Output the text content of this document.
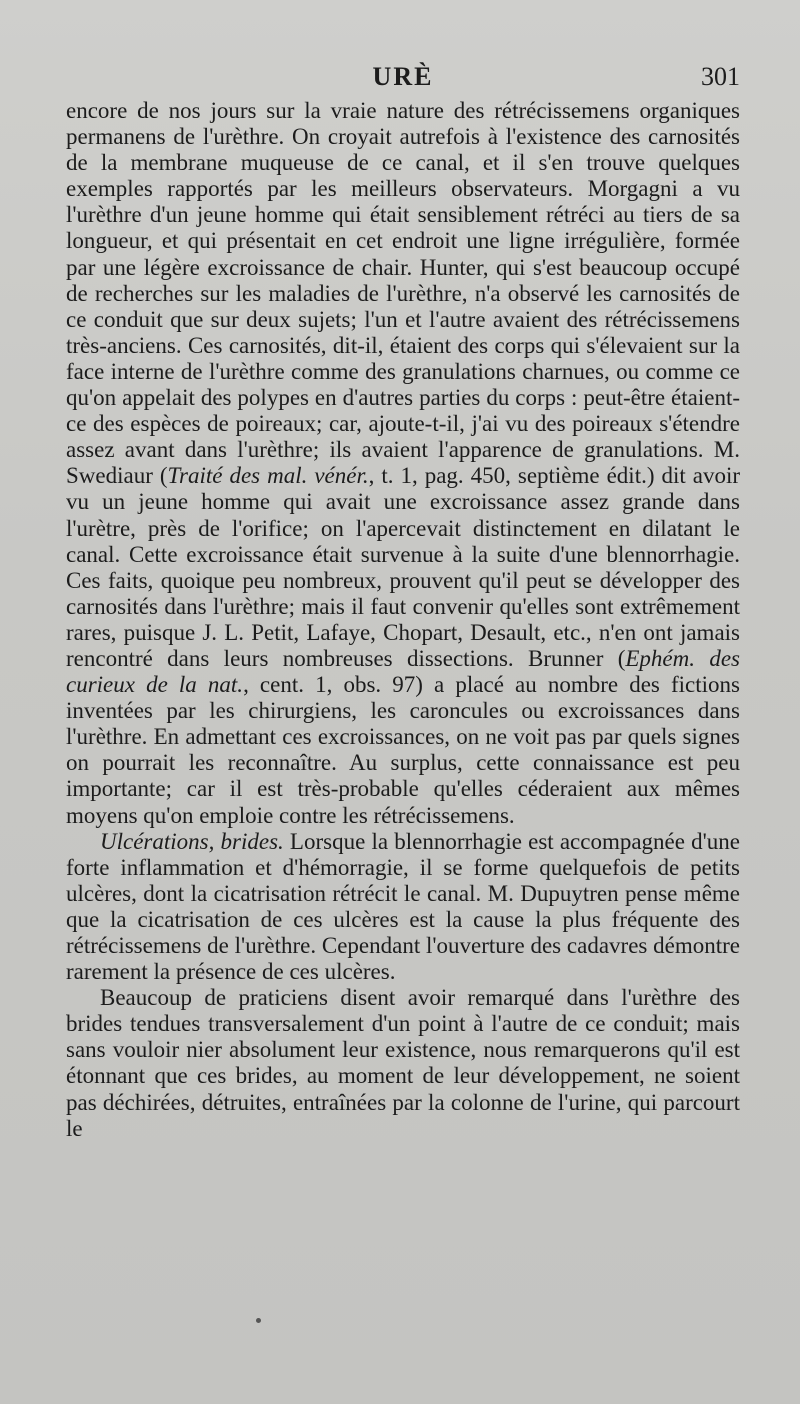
URÈ	301

encore de nos jours sur la vraie nature des rétrécissemens organiques permanens de l'urèthre. On croyait autrefois à l'existence des carnosités de la membrane muqueuse de ce canal, et il s'en trouve quelques exemples rapportés par les meilleurs observateurs. Morgagni a vu l'urèthre d'un jeune homme qui était sensiblement rétréci au tiers de sa longueur, et qui présentait en cet endroit une ligne irrégulière, formée par une légère excroissance de chair. Hunter, qui s'est beaucoup occupé de recherches sur les maladies de l'urèthre, n'a observé les carnosités de ce conduit que sur deux sujets; l'un et l'autre avaient des rétrécissemens très-anciens. Ces carnosités, dit-il, étaient des corps qui s'élevaient sur la face interne de l'urèthre comme des granulations charnues, ou comme ce qu'on appelait des polypes en d'autres parties du corps : peut-être étaient-ce des espèces de poireaux; car, ajoute-t-il, j'ai vu des poireaux s'étendre assez avant dans l'urèthre; ils avaient l'apparence de granulations. M. Swediaur (Traité des mal. vénér., t. 1, pag. 450, septième édit.) dit avoir vu un jeune homme qui avait une excroissance assez grande dans l'urètre, près de l'orifice; on l'apercevait distinctement en dilatant le canal. Cette excroissance était survenue à la suite d'une blennorrhagie. Ces faits, quoique peu nombreux, prouvent qu'il peut se développer des carnosités dans l'urèthre; mais il faut convenir qu'elles sont extrêmement rares, puisque J. L. Petit, Lafaye, Chopart, Desault, etc., n'en ont jamais rencontré dans leurs nombreuses dissections. Brunner (Ephém. des curieux de la nat., cent. 1, obs. 97) a placé au nombre des fictions inventées par les chirurgiens, les caroncules ou excroissances dans l'urèthre. En admettant ces excroissances, on ne voit pas par quels signes on pourrait les reconnaître. Au surplus, cette connaissance est peu importante; car il est très-probable qu'elles céderaient aux mêmes moyens qu'on emploie contre les rétrécissemens.

Ulcérations, brides. Lorsque la blennorrhagie est accompagnée d'une forte inflammation et d'hémorragie, il se forme quelquefois de petits ulcères, dont la cicatrisation rétrécit le canal. M. Dupuytren pense même que la cicatrisation de ces ulcères est la cause la plus fréquente des rétrécissemens de l'urèthre. Cependant l'ouverture des cadavres démontre rarement la présence de ces ulcères.

Beaucoup de praticiens disent avoir remarqué dans l'urèthre des brides tendues transversalement d'un point à l'autre de ce conduit; mais sans vouloir nier absolument leur existence, nous remarquerons qu'il est étonnant que ces brides, au moment de leur développement, ne soient pas déchirées, détruites, entraînées par la colonne de l'urine, qui parcourt le
